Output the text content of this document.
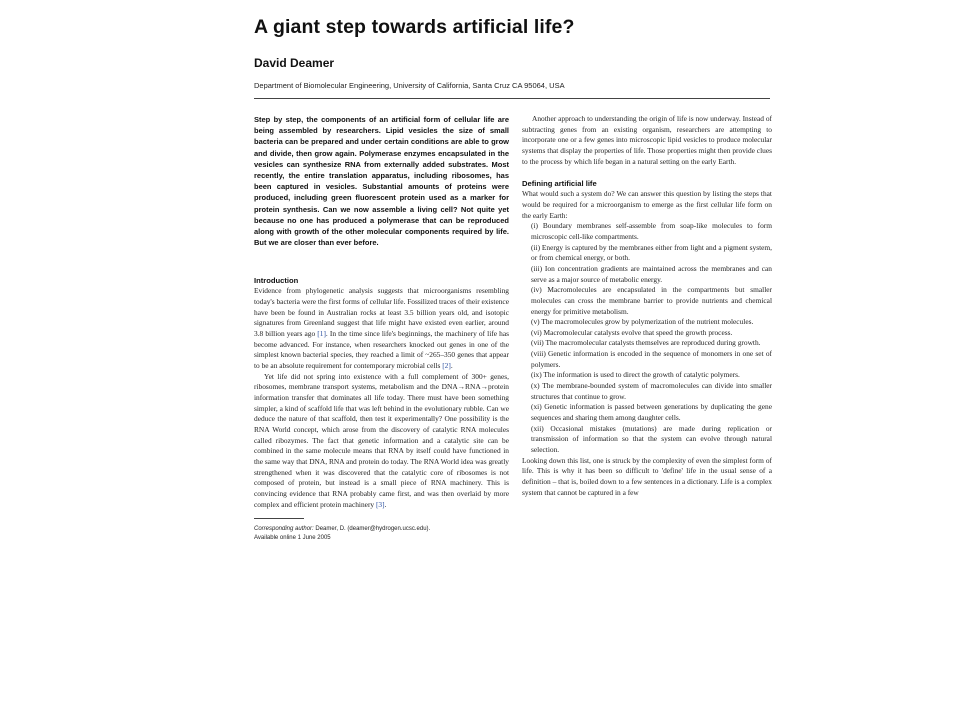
A giant step towards artificial life?
David Deamer
Department of Biomolecular Engineering, University of California, Santa Cruz CA 95064, USA

Step by step, the components of an artificial form of cellular life are being assembled by researchers. Lipid vesicles the size of small bacteria can be prepared and under certain conditions are able to grow and divide, then grow again. Polymerase enzymes encapsulated in the vesicles can synthesize RNA from externally added substrates. Most recently, the entire translation apparatus, including ribosomes, has been captured in vesicles. Substantial amounts of proteins were produced, including green fluorescent protein used as a marker for protein synthesis. Can we now assemble a living cell? Not quite yet because no one has produced a polymerase that can be reproduced along with growth of the other molecular components required by life. But we are closer than ever before.

Introduction

Evidence from phylogenetic analysis suggests that microorganisms resembling today's bacteria were the first forms of cellular life. Fossilized traces of their existence have been be found in Australian rocks at least 3.5 billion years old, and isotopic signatures from Greenland suggest that life might have existed even earlier, around 3.8 billion years ago [1]. In the time since life's beginnings, the machinery of life has become advanced. For instance, when researchers knocked out genes in one of the simplest known bacterial species, they reached a limit of ~265–350 genes that appear to be an absolute requirement for contemporary microbial cells [2].

Yet life did not spring into existence with a full complement of 300+ genes, ribosomes, membrane transport systems, metabolism and the DNA→RNA→protein information transfer that dominates all life today. There must have been something simpler, a kind of scaffold life that was left behind in the evolutionary rubble. Can we deduce the nature of that scaffold, then test it experimentally? One possibility is the RNA World concept, which arose from the discovery of catalytic RNA molecules called ribozymes. The fact that genetic information and a catalytic site can be combined in the same molecule means that RNA by itself could have functioned in the same way that DNA, RNA and protein do today. The RNA World idea was greatly strengthened when it was discovered that the catalytic core of ribosomes is not composed of protein, but instead is a small piece of RNA machinery. This is convincing evidence that RNA probably came first, and was then overlaid by more complex and efficient protein machinery [3].

Corresponding author: Deamer, D. (deamer@hydrogen.ucsc.edu).

Available online 1 June 2005

Another approach to understanding the origin of life is now underway. Instead of subtracting genes from an existing organism, researchers are attempting to incorporate one or a few genes into microscopic lipid vesicles to produce molecular systems that display the properties of life. Those properties might then provide clues to the process by which life began in a natural setting on the early Earth.

Defining artificial life

What would such a system do? We can answer this question by listing the steps that would be required for a microorganism to emerge as the first cellular life form on the early Earth:

(i) Boundary membranes self-assemble from soap-like molecules to form microscopic cell-like compartments.
(ii) Energy is captured by the membranes either from light and a pigment system, or from chemical energy, or both.
(iii) Ion concentration gradients are maintained across the membranes and can serve as a major source of metabolic energy.
(iv) Macromolecules are encapsulated in the compartments but smaller molecules can cross the membrane barrier to provide nutrients and chemical energy for primitive metabolism.
(v) The macromolecules grow by polymerization of the nutrient molecules.
(vi) Macromolecular catalysts evolve that speed the growth process.
(vii) The macromolecular catalysts themselves are reproduced during growth.
(viii) Genetic information is encoded in the sequence of monomers in one set of polymers.
(ix) The information is used to direct the growth of catalytic polymers.
(x) The membrane-bounded system of macromolecules can divide into smaller structures that continue to grow.
(xi) Genetic information is passed between generations by duplicating the gene sequences and sharing them among daughter cells.
(xii) Occasional mistakes (mutations) are made during replication or transmission of information so that the system can evolve through natural selection.

Looking down this list, one is struck by the complexity of even the simplest form of life. This is why it has been so difficult to 'define' life in the usual sense of a definition – that is, boiled down to a few sentences in a dictionary. Life is a complex system that cannot be captured in a few
